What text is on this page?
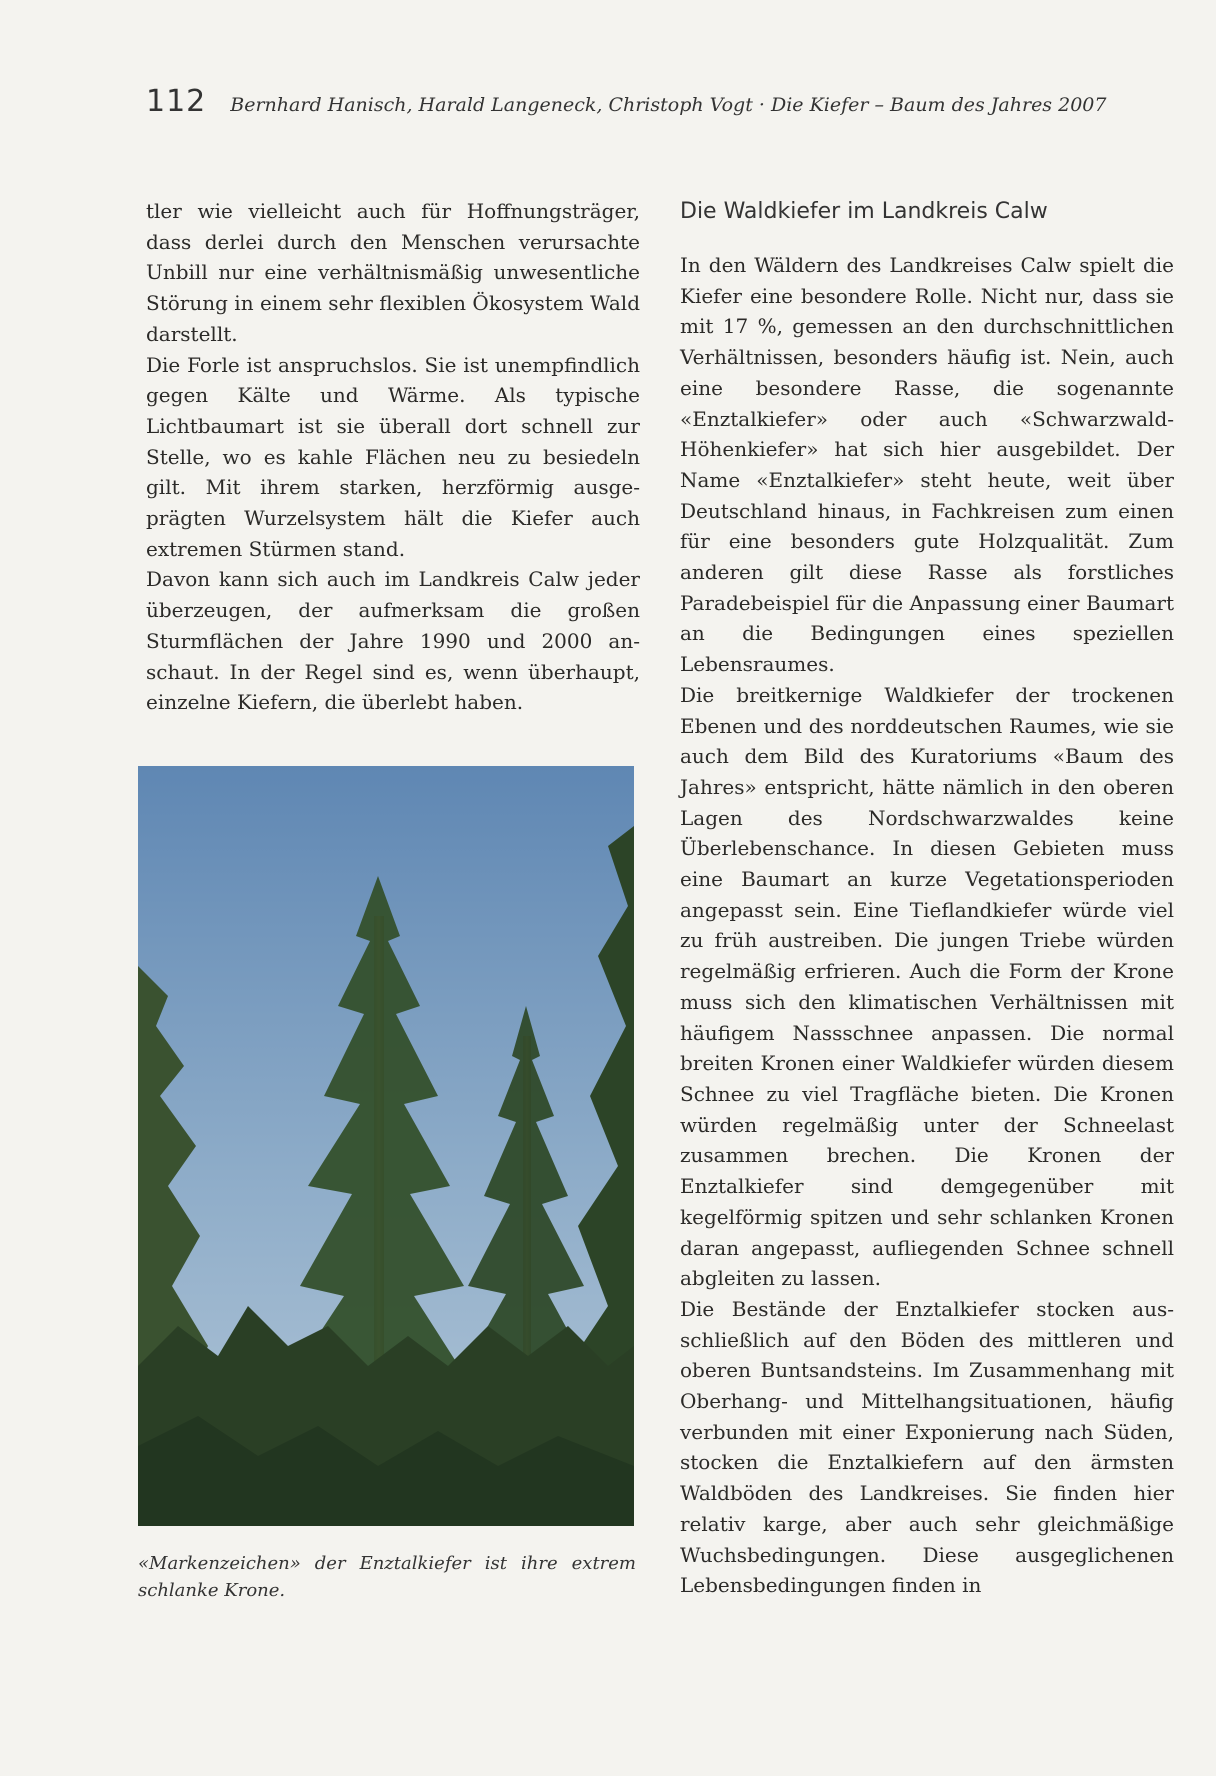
112 Bernhard Hanisch, Harald Langeneck, Christoph Vogt · Die Kiefer – Baum des Jahres 2007

tler wie vielleicht auch für Hoffnungsträger, dass derlei durch den Menschen verursachte Unbill nur eine verhältnismäßig unwesentliche Störung in einem sehr flexiblen Ökosystem Wald darstellt.

Die Forle ist anspruchslos. Sie ist unempfindlich gegen Kälte und Wärme. Als typische Lichtbaumart ist sie überall dort schnell zur Stelle, wo es kahle Flächen neu zu besiedeln gilt. Mit ihrem starken, herzförmig ausgeprägten Wurzelsystem hält die Kiefer auch extremen Stürmen stand.

Davon kann sich auch im Landkreis Calw jeder überzeugen, der aufmerksam die großen Sturmflächen der Jahre 1990 und 2000 anschaut. In der Regel sind es, wenn überhaupt, einzelne Kiefern, die überlebt haben.

«Markenzeichen» der Enztalkiefer ist ihre extrem schlanke Krone.
Die Waldkiefer im Landkreis Calw

In den Wäldern des Landkreises Calw spielt die Kiefer eine besondere Rolle. Nicht nur, dass sie mit 17 %, gemessen an den durchschnittlichen Verhältnissen, besonders häufig ist. Nein, auch eine besondere Rasse, die sogenannte «Enztalkiefer» oder auch «Schwarzwald-Höhenkiefer» hat sich hier ausgebildet. Der Name «Enztalkiefer» steht heute, weit über Deutschland hinaus, in Fachkreisen zum einen für eine besonders gute Holzqualität. Zum anderen gilt diese Rasse als forstliches Paradebeispiel für die Anpassung einer Baumart an die Bedingungen eines speziellen Lebensraumes.

Die breitkernige Waldkiefer der trockenen Ebenen und des norddeutschen Raumes, wie sie auch dem Bild des Kuratoriums «Baum des Jahres» entspricht, hätte nämlich in den oberen Lagen des Nordschwarzwaldes keine Überlebenschance. In diesen Gebieten muss eine Baumart an kurze Vegetationsperioden angepasst sein. Eine Tieflandkiefer würde viel zu früh austreiben. Die jungen Triebe würden regelmäßig erfrieren. Auch die Form der Krone muss sich den klimatischen Verhältnissen mit häufigem Nassschnee anpassen. Die normal breiten Kronen einer Waldkiefer würden diesem Schnee zu viel Tragfläche bieten. Die Kronen würden regelmäßig unter der Schneelast zusammen brechen. Die Kronen der Enztalkiefer sind demgegenüber mit kegelförmig spitzen und sehr schlanken Kronen daran angepasst, aufliegenden Schnee schnell abgleiten zu lassen.

Die Bestände der Enztalkiefer stocken ausschließlich auf den Böden des mittleren und oberen Buntsandsteins. Im Zusammenhang mit Oberhang- und Mittelhangsituationen, häufig verbunden mit einer Exponierung nach Süden, stocken die Enztalkiefern auf den ärmsten Waldböden des Landkreises. Sie finden hier relativ karge, aber auch sehr gleichmäßige Wuchsbedingungen. Diese ausgeglichenen Lebensbedingungen finden in
